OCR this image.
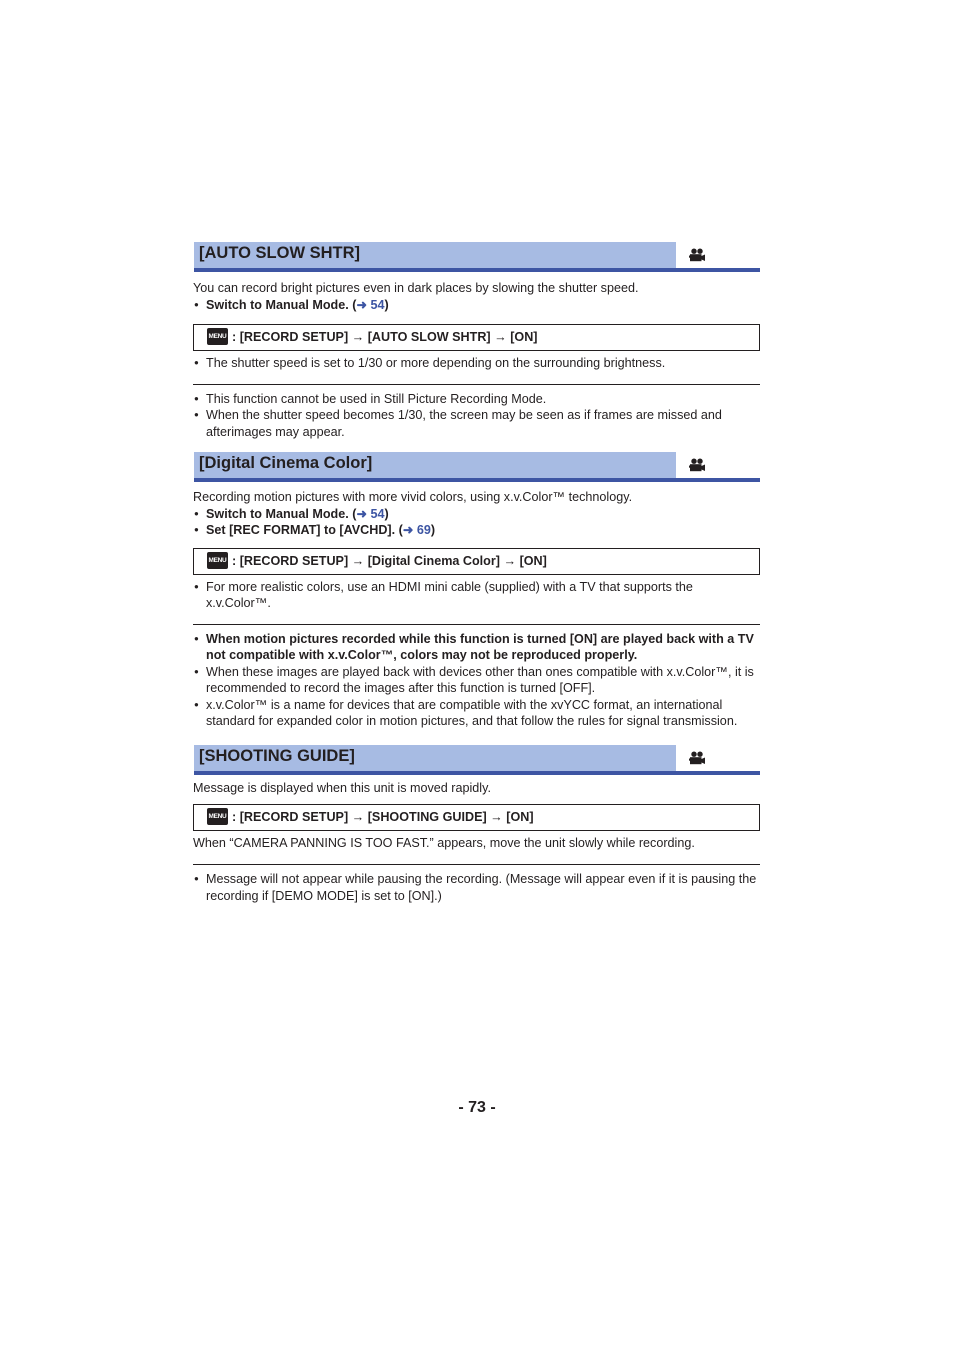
[AUTO SLOW SHTR]

You can record bright pictures even in dark places by slowing the shutter speed.

● Switch to Manual Mode. (➜ 54)
MENU : [RECORD SETUP] → [AUTO SLOW SHTR] → [ON]
● The shutter speed is set to 1/30 or more depending on the surrounding brightness.
● This function cannot be used in Still Picture Recording Mode.
● When the shutter speed becomes 1/30, the screen may be seen as if frames are missed and afterimages may appear.
[Digital Cinema Color]

Recording motion pictures with more vivid colors, using x.v.Color™ technology.

● Switch to Manual Mode. (➜ 54)
● Set [REC FORMAT] to [AVCHD]. (➜ 69)
MENU : [RECORD SETUP] → [Digital Cinema Color] → [ON]
● For more realistic colors, use an HDMI mini cable (supplied) with a TV that supports the x.v.Color™.
● When motion pictures recorded while this function is turned [ON] are played back with a TV not compatible with x.v.Color™, colors may not be reproduced properly.
● When these images are played back with devices other than ones compatible with x.v.Color™, it is recommended to record the images after this function is turned [OFF].
● x.v.Color™ is a name for devices that are compatible with the xvYCC format, an international standard for expanded color in motion pictures, and that follow the rules for signal transmission.
[SHOOTING GUIDE]

Message is displayed when this unit is moved rapidly.

MENU : [RECORD SETUP] → [SHOOTING GUIDE] → [ON]

When “CAMERA PANNING IS TOO FAST.” appears, move the unit slowly while recording.

● Message will not appear while pausing the recording. (Message will appear even if it is pausing the recording if [DEMO MODE] is set to [ON].)
- 73 -
